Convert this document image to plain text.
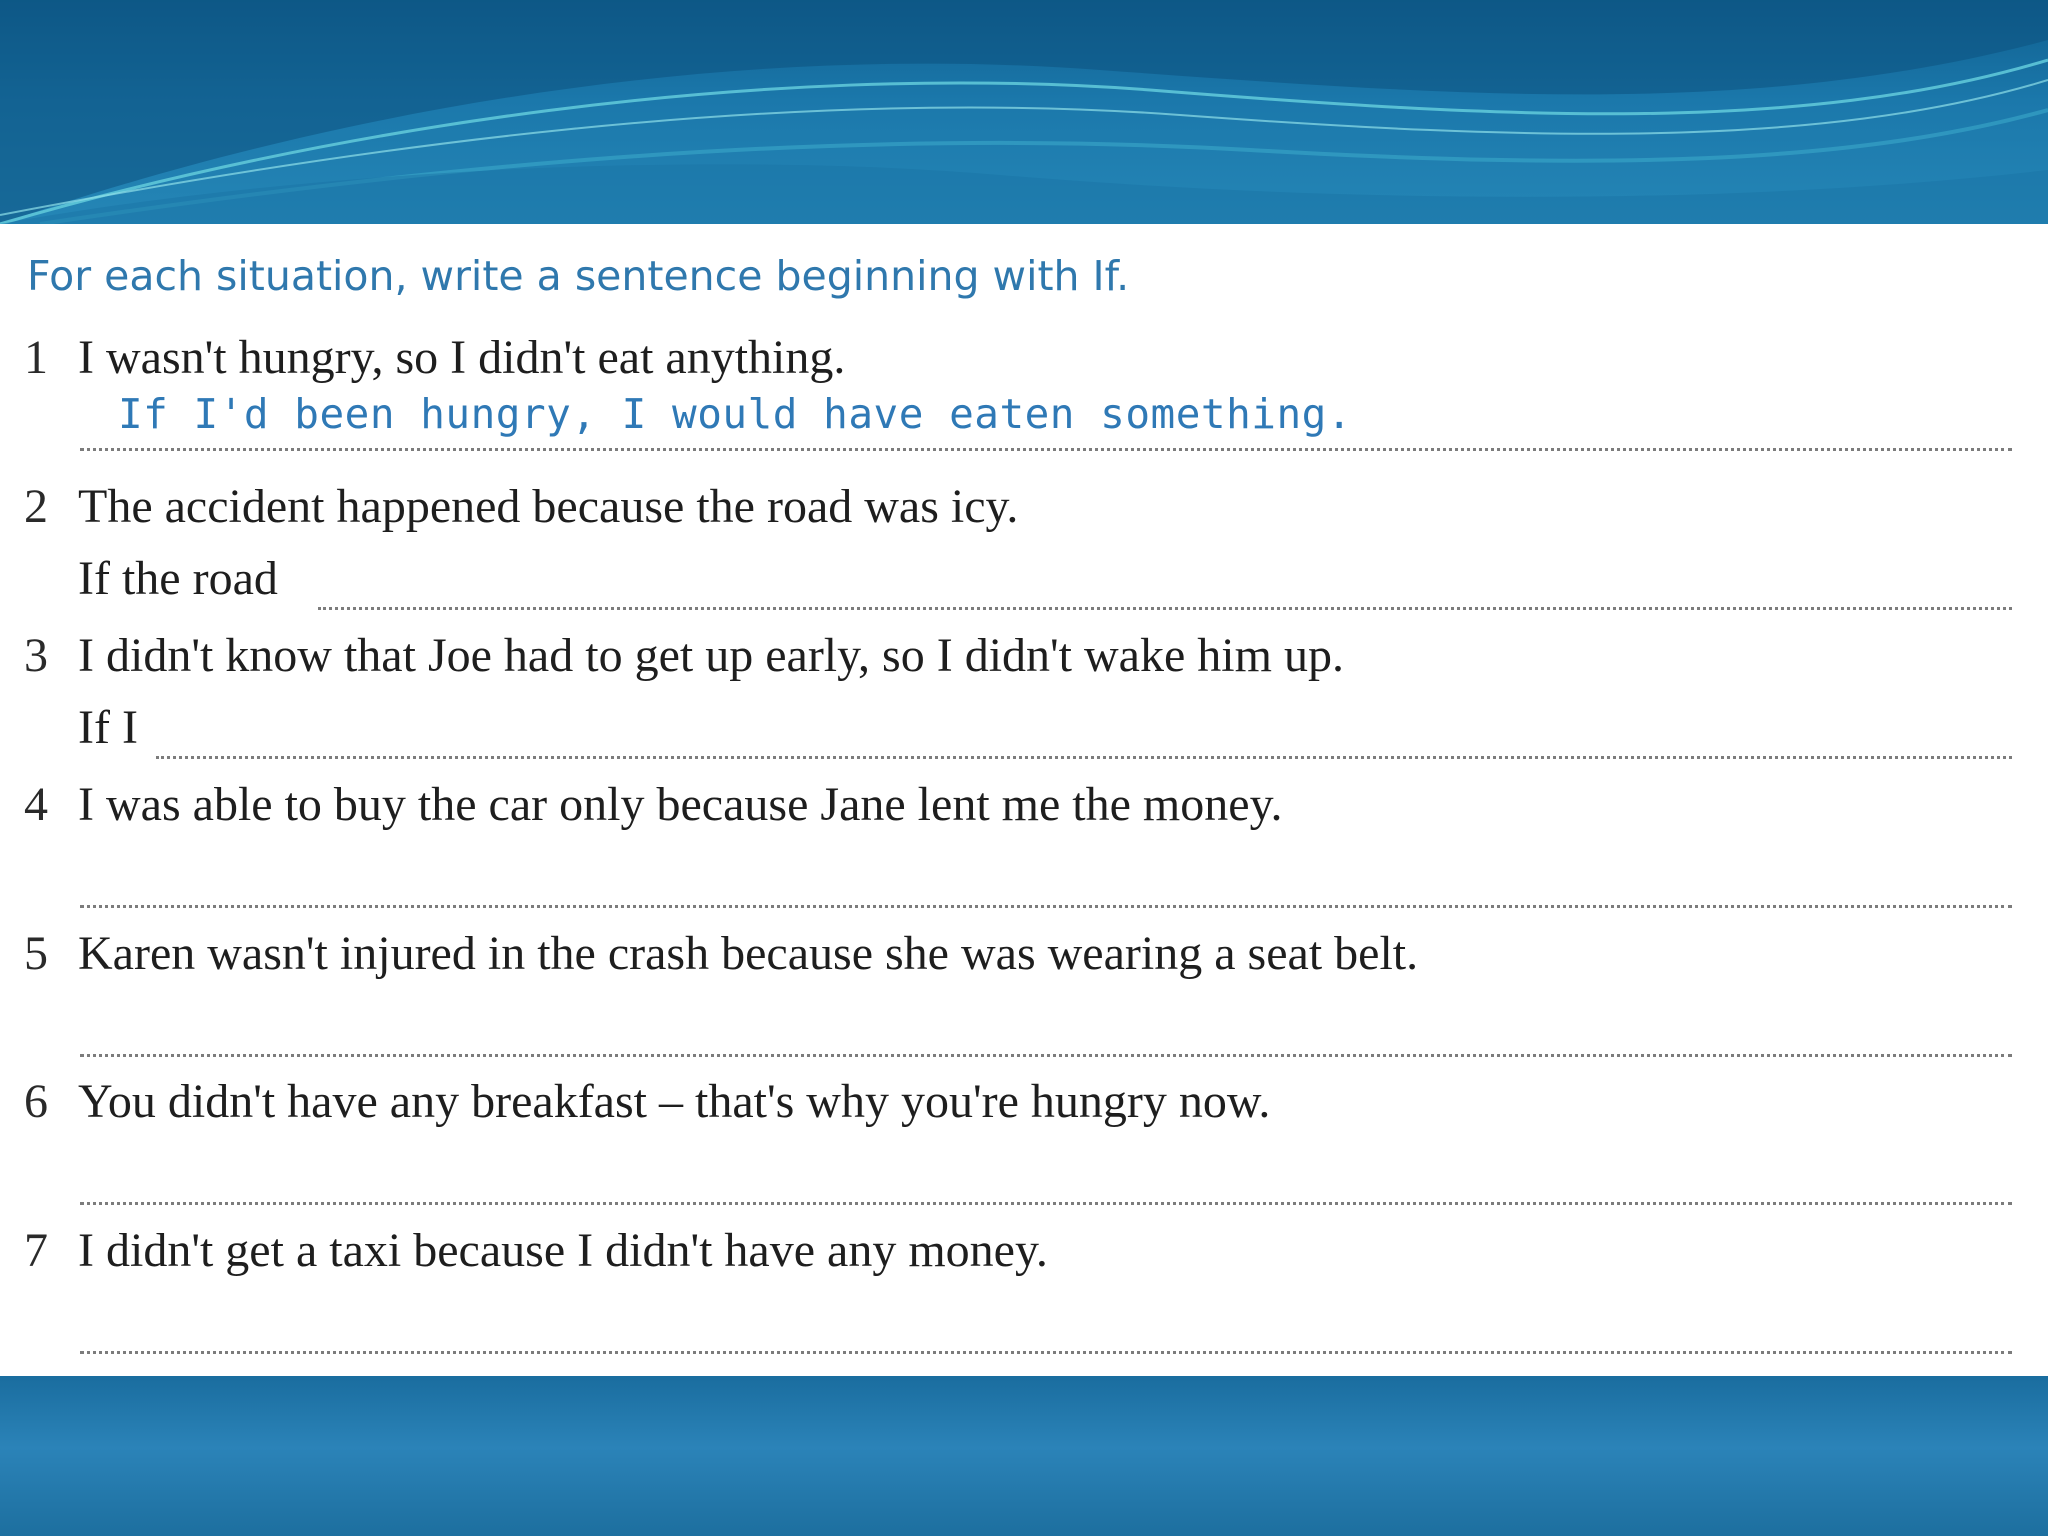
For each situation, write a sentence beginning with If.
1 I wasn't hungry, so I didn't eat anything.
If I'd been hungry, I would have eaten something.
2 The accident happened because the road was icy.
If the road
3 I didn't know that Joe had to get up early, so I didn't wake him up.
If I
4 I was able to buy the car only because Jane lent me the money.
5 Karen wasn't injured in the crash because she was wearing a seat belt.
6 You didn't have any breakfast – that's why you're hungry now.
7 I didn't get a taxi because I didn't have any money.
